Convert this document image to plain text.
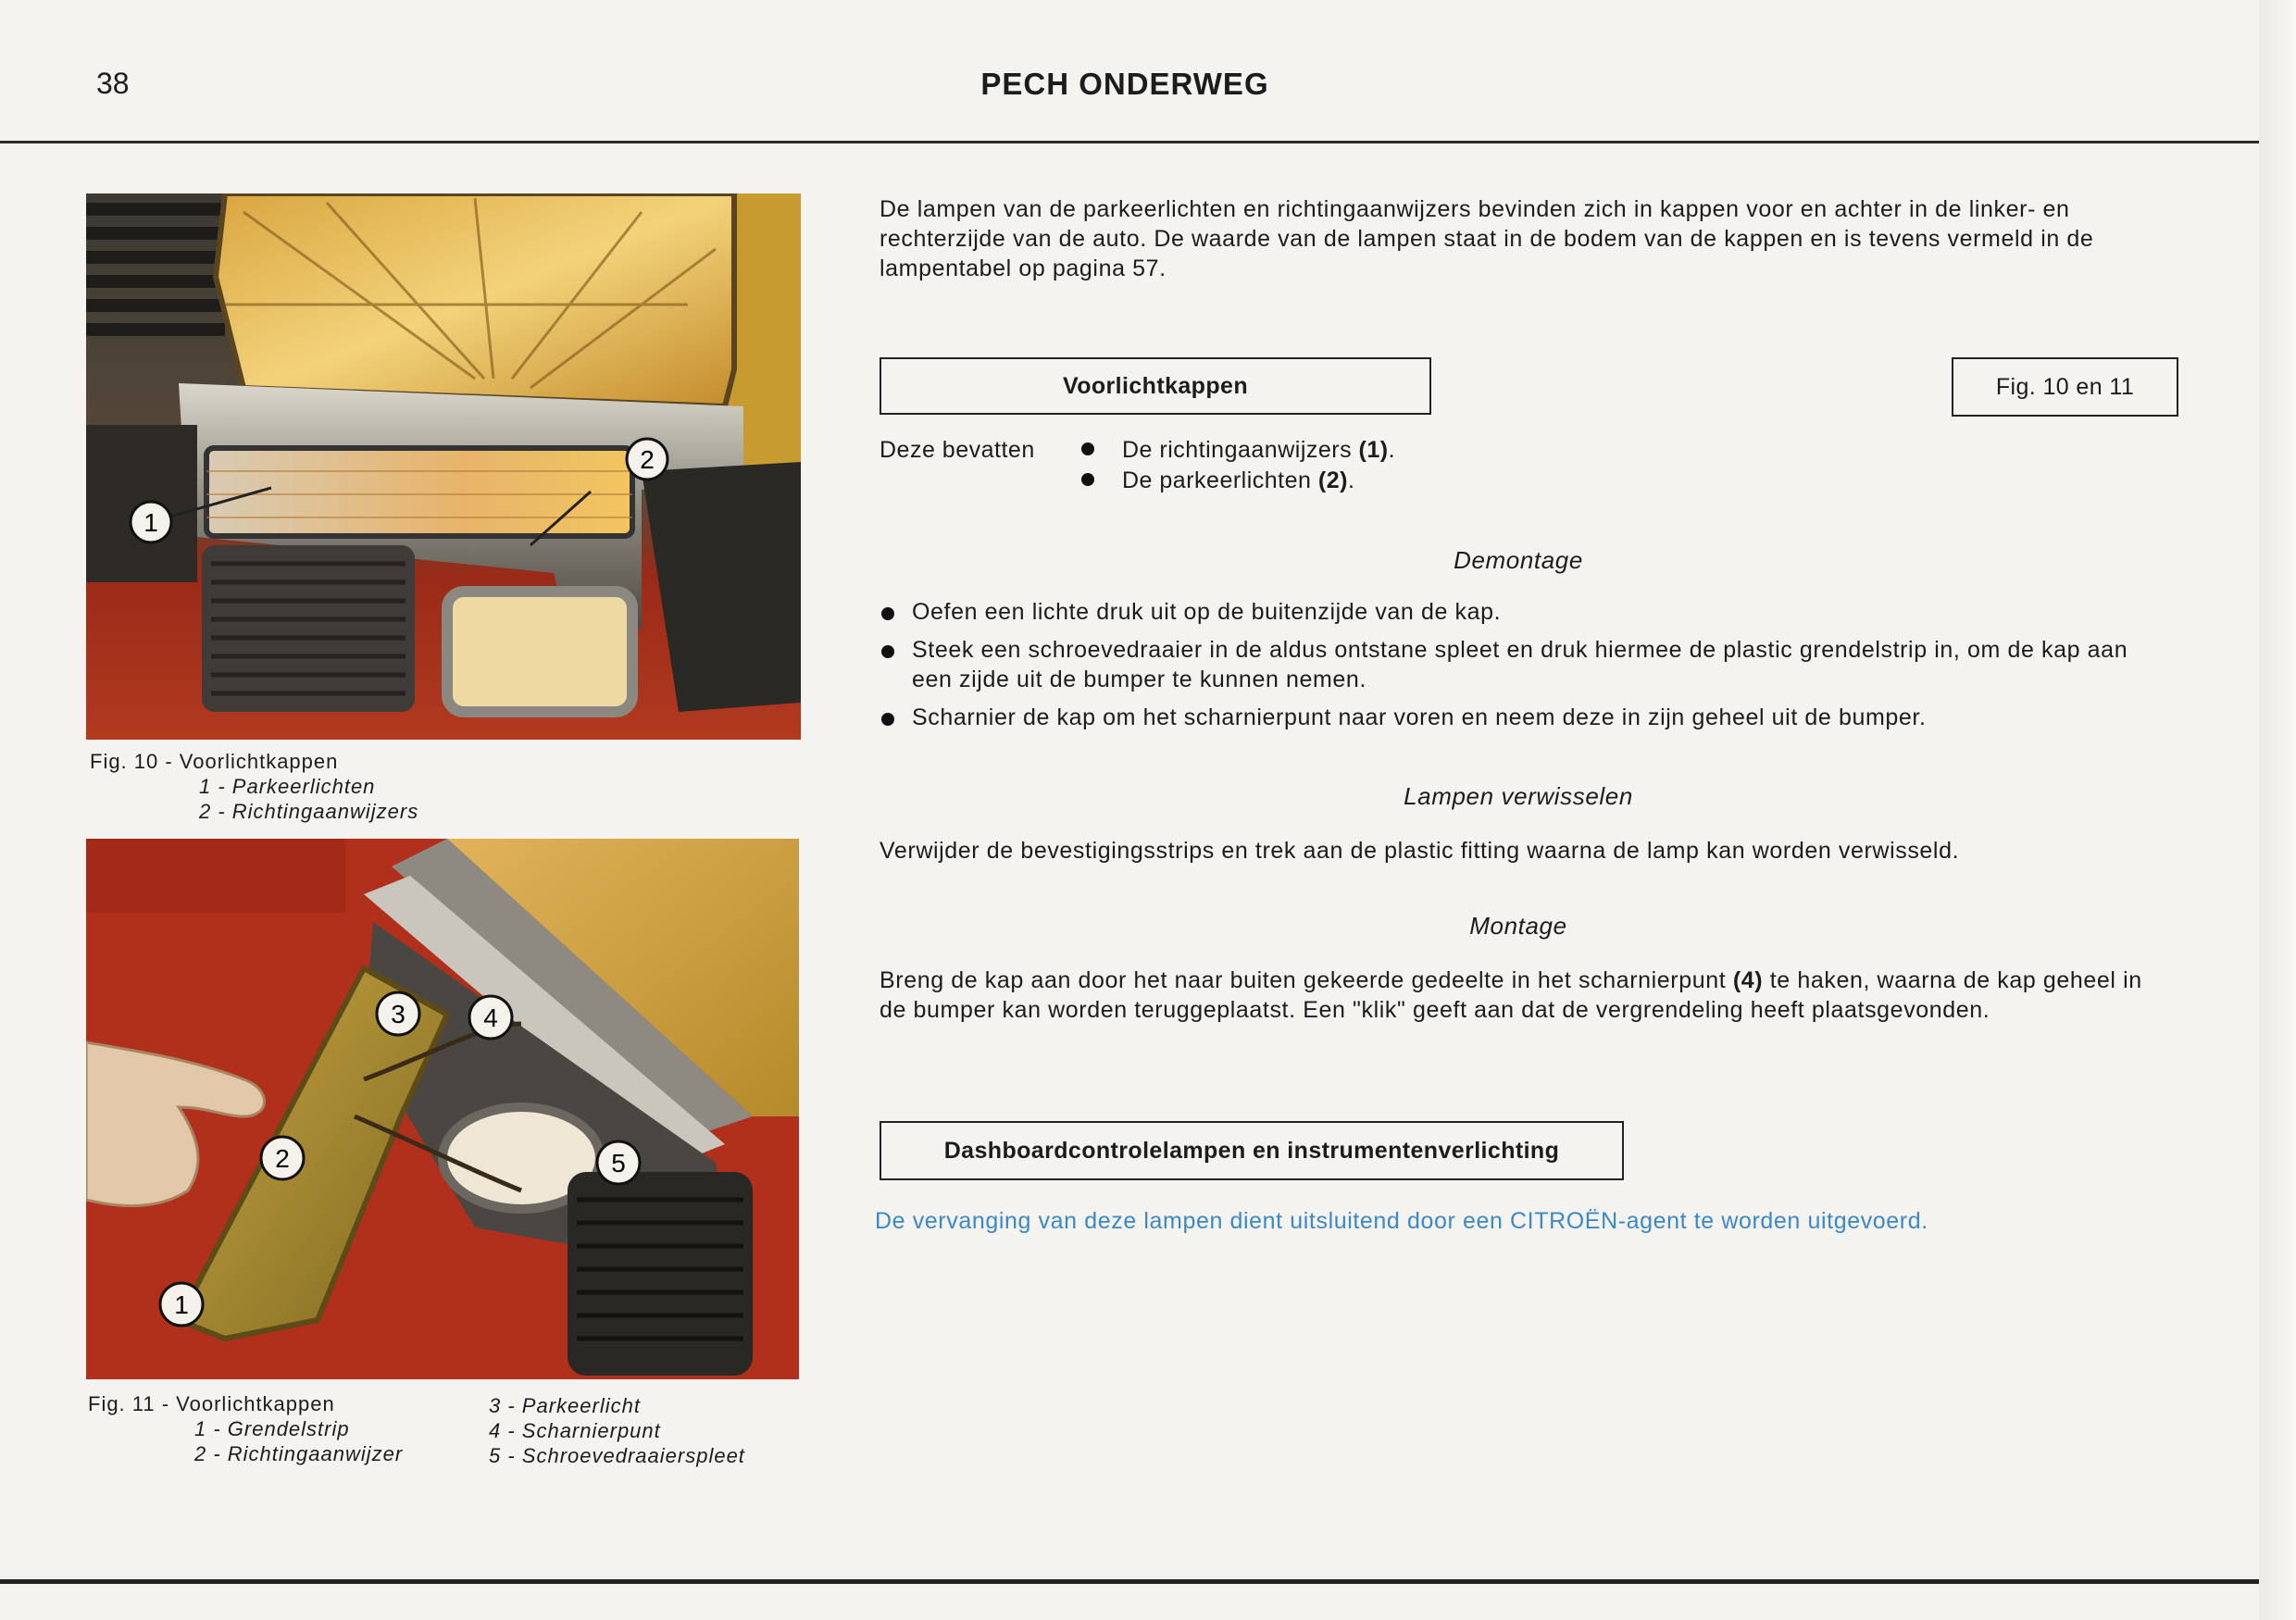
38	PECH ONDERWEG
1
2
Fig. 10 - Voorlichtkappen
1 - Parkeerlichten
2 - Richtingaanwijzers
3	4
2	5
1
Fig. 11 - Voorlichtkappen
1 - Grendelstrip
2 - Richtingaanwijzer
3 - Parkeerlicht
4 - Scharnierpunt
5 - Schroevedraaierspleet
De lampen van de parkeerlichten en richtingaanwijzers bevinden zich in kappen voor en achter in de linker- en rechterzijde van de auto. De waarde van de lampen staat in de bodem van de kappen en is tevens vermeld in de lampentabel op pagina 57.
Voorlichtkappen	Fig. 10 en 11
Deze bevatten	De richtingaanwijzers (1).
De parkeerlichten (2).
Demontage
Oefen een lichte druk uit op de buitenzijde van de kap.
Steek een schroevedraaier in de aldus ontstane spleet en druk hiermee de plastic grendelstrip in, om de kap aan een zijde uit de bumper te kunnen nemen.
Scharnier de kap om het scharnierpunt naar voren en neem deze in zijn geheel uit de bumper.
Lampen verwisselen
Verwijder de bevestigingsstrips en trek aan de plastic fitting waarna de lamp kan worden verwisseld.
Montage
Breng de kap aan door het naar buiten gekeerde gedeelte in het scharnierpunt (4) te haken, waarna de kap geheel in de bumper kan worden teruggeplaatst. Een "klik" geeft aan dat de vergrendeling heeft plaatsgevonden.
Dashboardcontrolelampen en instrumentenverlichting
De vervanging van deze lampen dient uitsluitend door een CITROËN-agent te worden uitgevoerd.
